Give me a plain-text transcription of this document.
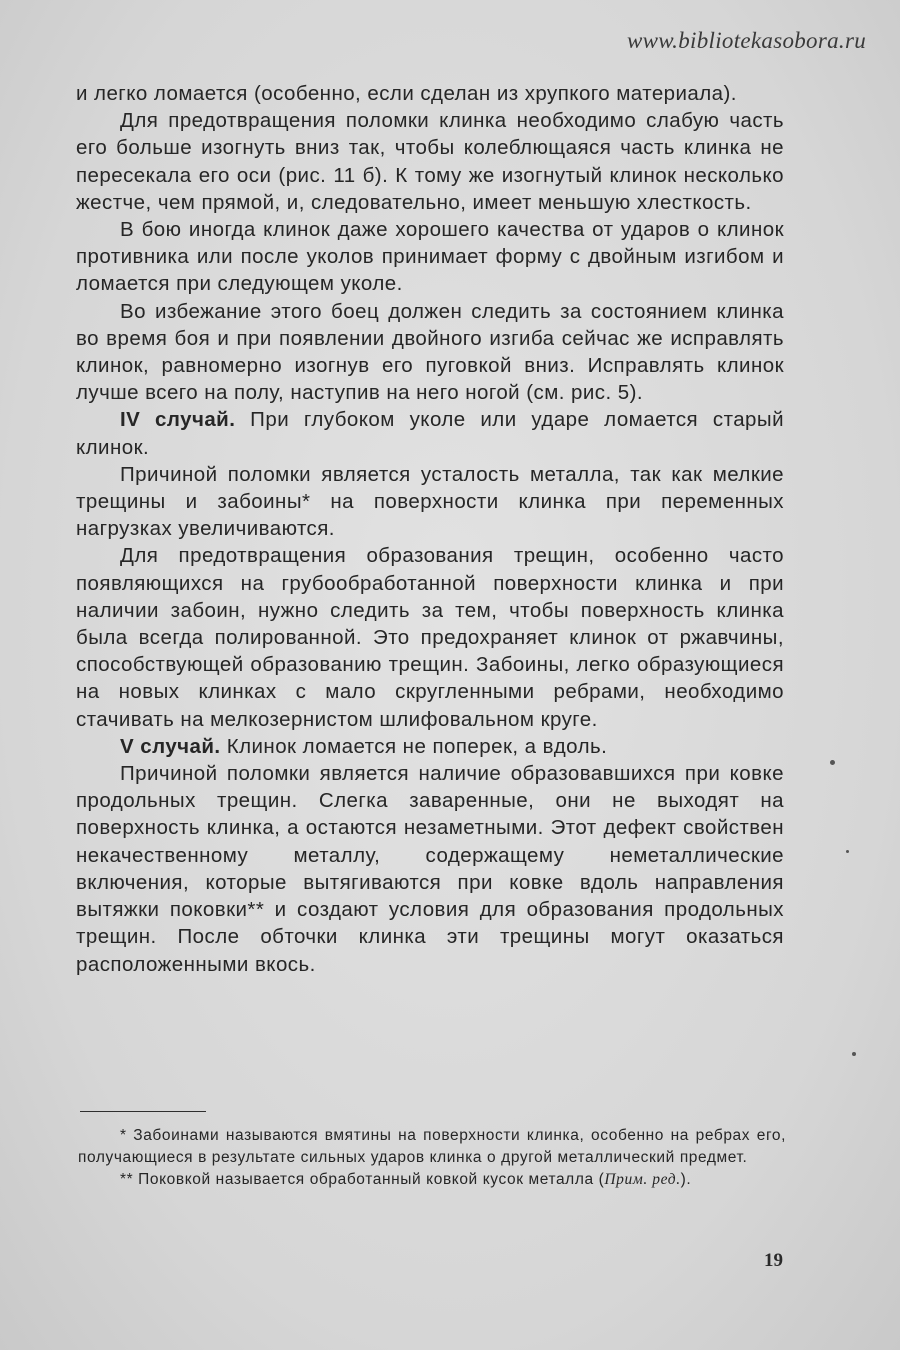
www.bibliotekasobora.ru

и легко ломается (особенно, если сделан из хрупкого материала).

Для предотвращения поломки клинка необходимо слабую часть его больше изогнуть вниз так, чтобы колеблющаяся часть клинка не пересекала его оси (рис. 11 б). К тому же изогнутый клинок несколько жестче, чем прямой, и, следовательно, имеет меньшую хлесткость.

В бою иногда клинок даже хорошего качества от ударов о клинок противника или после уколов принимает форму с двойным изгибом и ломается при следующем уколе.

Во избежание этого боец должен следить за состоянием клинка во время боя и при появлении двойного изгиба сейчас же исправлять клинок, равномерно изогнув его пуговкой вниз. Исправлять клинок лучше всего на полу, наступив на него ногой (см. рис. 5).

IV случай. При глубоком уколе или ударе ломается старый клинок.

Причиной поломки является усталость металла, так как мелкие трещины и забоины* на поверхности клинка при переменных нагрузках увеличиваются.

Для предотвращения образования трещин, особенно часто появляющихся на грубообработанной поверхности клинка и при наличии забоин, нужно следить за тем, чтобы поверхность клинка была всегда полированной. Это предохраняет клинок от ржавчины, способствующей образованию трещин. Забоины, легко образующиеся на новых клинках с мало скругленными ребрами, необходимо стачивать на мелкозернистом шлифовальном круге.

V случай. Клинок ломается не поперек, а вдоль.

Причиной поломки является наличие образовавшихся при ковке продольных трещин. Слегка заваренные, они не выходят на поверхность клинка, а остаются незаметными. Этот дефект свойствен некачественному металлу, содержащему неметаллические включения, которые вытягиваются при ковке вдоль направления вытяжки поковки** и создают условия для образования продольных трещин. После обточки клинка эти трещины могут оказаться расположенными вкось.

* Забоинами называются вмятины на поверхности клинка, особенно на ребрах его, получающиеся в результате сильных ударов клинка о другой металлический предмет.

** Поковкой называется обработанный ковкой кусок металла (Прим. ред.).

19
